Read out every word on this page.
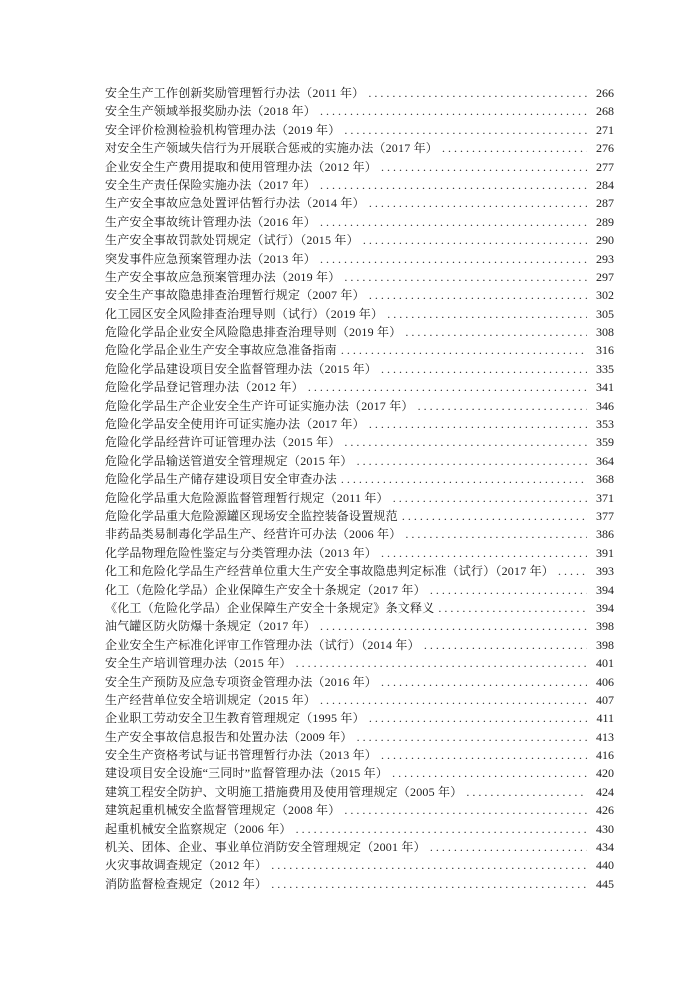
安全生产工作创新奖励管理暂行办法（2011 年） . . .	266
安全生产领域举报奖励办法（2018 年） . . .	268
安全评价检测检验机构管理办法（2019 年） . . .	271
对安全生产领域失信行为开展联合惩戒的实施办法（2017 年） . . .	276
企业安全生产费用提取和使用管理办法（2012 年） . . .	277
安全生产责任保险实施办法（2017 年） . . .	284
生产安全事故应急处置评估暂行办法（2014 年） . . .	287
生产安全事故统计管理办法（2016 年） . . .	289
生产安全事故罚款处罚规定（试行）（2015 年） . . .	290
突发事件应急预案管理办法（2013 年） . . .	293
生产安全事故应急预案管理办法（2019 年） . . .	297
安全生产事故隐患排查治理暂行规定（2007 年） . . .	302
化工园区安全风险排查治理导则（试行）（2019 年） . . .	305
危险化学品企业安全风险隐患排查治理导则（2019 年） . . .	308
危险化学品企业生产安全事故应急准备指南 . . .	316
危险化学品建设项目安全监督管理办法（2015 年） . . .	335
危险化学品登记管理办法（2012 年） . . .	341
危险化学品生产企业安全生产许可证实施办法（2017 年） . . .	346
危险化学品安全使用许可证实施办法（2017 年） . . .	353
危险化学品经营许可证管理办法（2015 年） . . .	359
危险化学品输送管道安全管理规定（2015 年） . . .	364
危险化学品生产储存建设项目安全审查办法 . . .	368
危险化学品重大危险源监督管理暂行规定（2011 年） . . .	371
危险化学品重大危险源罐区现场安全监控装备设置规范 . . .	377
非药品类易制毒化学品生产、经营许可办法（2006 年） . . .	386
化学品物理危险性鉴定与分类管理办法（2013 年） . . .	391
化工和危险化学品生产经营单位重大生产安全事故隐患判定标准（试行）（2017 年） . . .	393
化工（危险化学品）企业保障生产安全十条规定（2017 年） . . .	394
《化工（危险化学品）企业保障生产安全十条规定》条文释义 . . .	394
油气罐区防火防爆十条规定（2017 年） . . .	398
企业安全生产标准化评审工作管理办法（试行）（2014 年） . . .	398
安全生产培训管理办法（2015 年） . . .	401
安全生产预防及应急专项资金管理办法（2016 年） . . .	406
生产经营单位安全培训规定（2015 年） . . .	407
企业职工劳动安全卫生教育管理规定（1995 年） . . .	411
生产安全事故信息报告和处置办法（2009 年） . . .	413
安全生产资格考试与证书管理暂行办法（2013 年） . . .	416
建设项目安全设施“三同时”监督管理办法（2015 年） . . .	420
建筑工程安全防护、文明施工措施费用及使用管理规定（2005 年） . . .	424
建筑起重机械安全监督管理规定（2008 年） . . .	426
起重机械安全监察规定（2006 年） . . .	430
机关、团体、企业、事业单位消防安全管理规定（2001 年） . . .	434
火灾事故调查规定（2012 年） . . .	440
消防监督检查规定（2012 年） . . .	445
